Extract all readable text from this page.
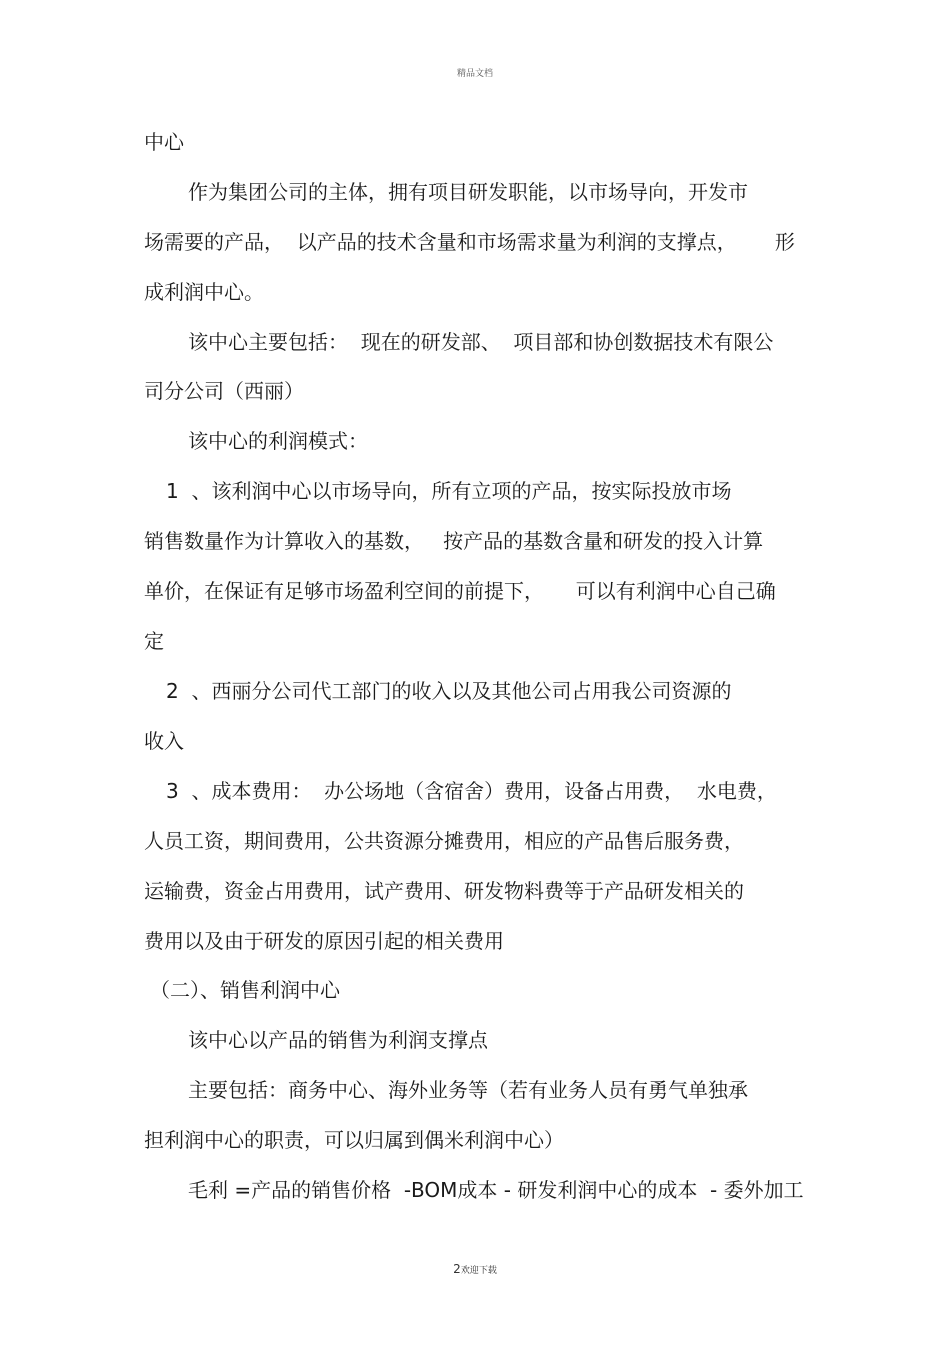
精品文档
中心
作为集团公司的主体，拥有项目研发职能，以市场导向，开发市
场需要的产品，  以产品的技术含量和市场需求量为利润的支撑点，      形
成利润中心。
该中心主要包括：  现在的研发部、  项目部和协创数据技术有限公
司分公司（西丽）
该中心的利润模式：
1  、该利润中心以市场导向，所有立项的产品，按实际投放市场
销售数量作为计算收入的基数，   按产品的基数含量和研发的投入计算
单价，在保证有足够市场盈利空间的前提下，     可以有利润中心自己确
定
2  、西丽分公司代工部门的收入以及其他公司占用我公司资源的
收入
3  、成本费用：  办公场地（含宿舍）费用，设备占用费，  水电费，
人员工资，期间费用，公共资源分摊费用，相应的产品售后服务费，
运输费，资金占用费用，试产费用、研发物料费等于产品研发相关的
费用以及由于研发的原因引起的相关费用
（二）、销售利润中心
该中心以产品的销售为利润支撑点
主要包括：商务中心、海外业务等（若有业务人员有勇气单独承
担利润中心的职责，可以归属到偶米利润中心）
毛利 =产品的销售价格  -BOM成本 - 研发利润中心的成本  - 委外加工
2欢迎下载
